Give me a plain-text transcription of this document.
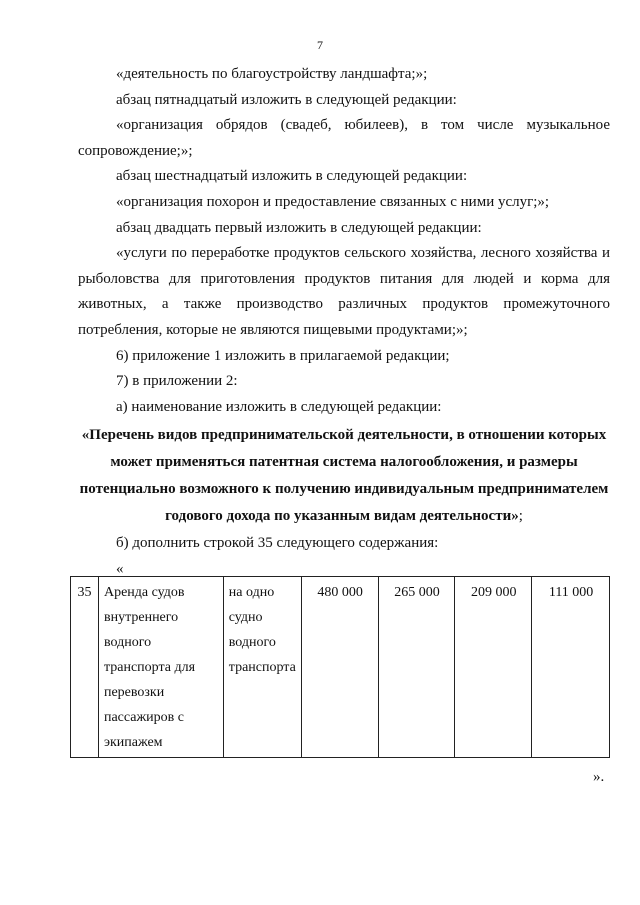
7

«деятельность по благоустройству ландшафта;»;

абзац пятнадцатый изложить в следующей редакции:

«организация обрядов (свадеб, юбилеев), в том числе музыкальное сопровождение;»;

абзац шестнадцатый изложить в следующей редакции:

«организация похорон и предоставление связанных с ними услуг;»;

абзац двадцать первый изложить в следующей редакции:

«услуги по переработке продуктов сельского хозяйства, лесного хозяйства и рыболовства для приготовления продуктов питания для людей и корма для животных, а также производство различных продуктов промежуточного потребления, которые не являются пищевыми продуктами;»;

6) приложение 1 изложить в прилагаемой редакции;

7) в приложении 2:

а) наименование изложить в следующей редакции:

«Перечень видов предпринимательской деятельности, в отношении которых
может применяться патентная система налогообложения, и размеры
потенциально возможного к получению индивидуальным предпринимателем
годового дохода по указанным видам деятельности»;

б) дополнить строкой 35 следующего содержания:

«

35	Аренда судов внутреннего водного транспорта для перевозки пассажиров с экипажем	на одно судно водного транспорта	480 000	265 000	209 000	111 000
».
